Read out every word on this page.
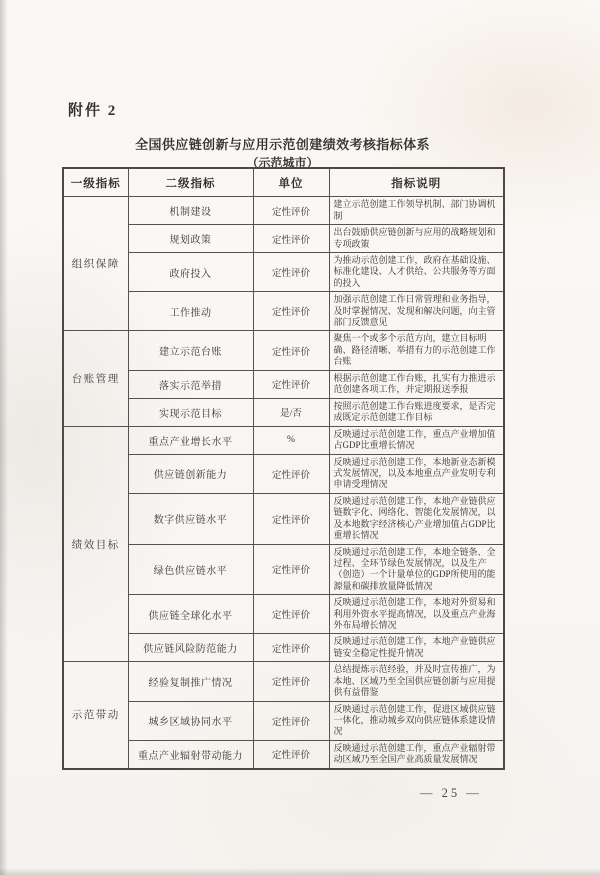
附件 2
全国供应链创新与应用示范创建绩效考核指标体系
（示范城市）
一级指标	二级指标	单位	指标说明
组织保障	机制建设	定性评价	建立示范创建工作领导机制、部门协调机制
	规划政策	定性评价	出台鼓励供应链创新与应用的战略规划和专项政策
	政府投入	定性评价	为推动示范创建工作，政府在基础设施、标准化建设、人才供给、公共服务等方面的投入
	工作推动	定性评价	加强示范创建工作日常管理和业务指导，及时掌握情况、发现和解决问题，向主管部门反馈意见
台账管理	建立示范台账	定性评价	聚焦一个或多个示范方向，建立目标明确、路径清晰、举措有力的示范创建工作台账
	落实示范举措	定性评价	根据示范创建工作台账，扎实有力推进示范创建各项工作，并定期报送季报
	实现示范目标	是/否	按照示范创建工作台账进度要求，是否完成既定示范创建工作目标
绩效目标	重点产业增长水平	%	反映通过示范创建工作，重点产业增加值占GDP比重增长情况
	供应链创新能力	定性评价	反映通过示范创建工作，本地新业态新模式发展情况，以及本地重点产业发明专利申请受理情况
	数字供应链水平	定性评价	反映通过示范创建工作，本地产业链供应链数字化、网络化、智能化发展情况，以及本地数字经济核心产业增加值占GDP比重增长情况
	绿色供应链水平	定性评价	反映通过示范创建工作，本地全链条、全过程、全环节绿色发展情况，以及生产（创造）一个计量单位的GDP所使用的能源量和碳排放量降低情况
	供应链全球化水平	定性评价	反映通过示范创建工作，本地对外贸易和利用外资水平提高情况，以及重点产业海外布局增长情况
	供应链风险防范能力	定性评价	反映通过示范创建工作，本地产业链供应链安全稳定性提升情况
示范带动	经验复制推广情况	定性评价	总结提炼示范经验，并及时宣传推广，为本地、区域乃至全国供应链创新与应用提供有益借鉴
	城乡区域协同水平	定性评价	反映通过示范创建工作，促进区域供应链一体化，推动城乡双向供应链体系建设情况
	重点产业辐射带动能力	定性评价	反映通过示范创建工作，重点产业辐射带动区域乃至全国产业高质量发展情况
— 25 —
